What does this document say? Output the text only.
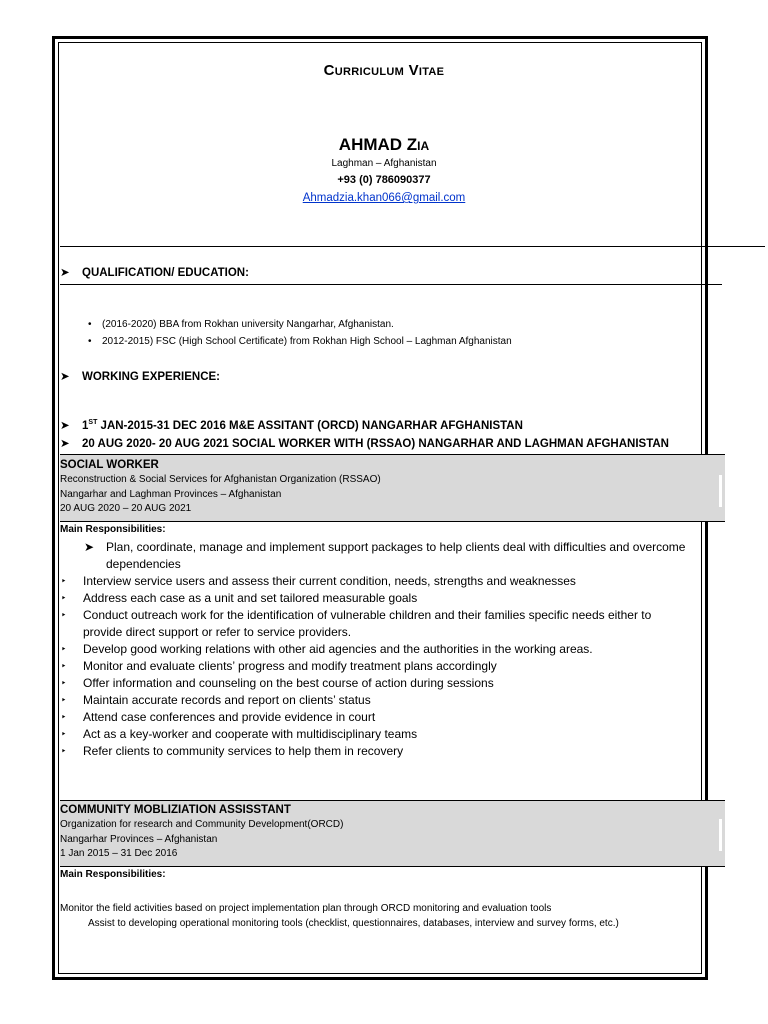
Curriculum Vitae
AHMAD Zia
Laghman – Afghanistan
+93 (0) 786090377
Ahmadzia.khan066@gmail.com
➤ QUALIFICATION/ EDUCATION:
• (2016-2020) BBA from Rokhan university Nangarhar, Afghanistan.
• 2012-2015) FSC (High School Certificate) from Rokhan High School – Laghman Afghanistan
➤ WORKING EXPERIENCE:
➤ 1ST JAN-2015-31 DEC 2016 M&E ASSITANT (ORCD) NANGARHAR AFGHANISTAN
➤ 20 AUG 2020- 20 AUG 2021 SOCIAL WORKER WITH (RSSAO) NANGARHAR AND LAGHMAN AFGHANISTAN
SOCIAL WORKER
Reconstruction & Social Services for Afghanistan Organization (RSSAO)
Nangarhar and Laghman Provinces – Afghanistan
20 AUG 2020 – 20 AUG 2021
Main Responsibilities:
➤ Plan, coordinate, manage and implement support packages to help clients deal with difficulties and overcome
dependencies
‣ Interview service users and assess their current condition, needs, strengths and weaknesses
‣ Address each case as a unit and set tailored measurable goals
‣ Conduct outreach work for the identification of vulnerable children and their families specific needs either to
provide direct support or refer to service providers.
‣ Develop good working relations with other aid agencies and the authorities in the working areas.
‣ Monitor and evaluate clients’ progress and modify treatment plans accordingly
‣ Offer information and counseling on the best course of action during sessions
‣ Maintain accurate records and report on clients’ status
‣ Attend case conferences and provide evidence in court
‣ Act as a key-worker and cooperate with multidisciplinary teams
‣ Refer clients to community services to help them in recovery
COMMUNITY MOBLIZIATION ASSISSTANT
Organization for research and Community Development(ORCD)
Nangarhar Provinces – Afghanistan
1 Jan 2015 – 31 Dec 2016
Main Responsibilities:
Monitor the field activities based on project implementation plan through ORCD monitoring and evaluation tools
Assist to developing operational monitoring tools (checklist, questionnaires, databases, interview and survey forms, etc.)
